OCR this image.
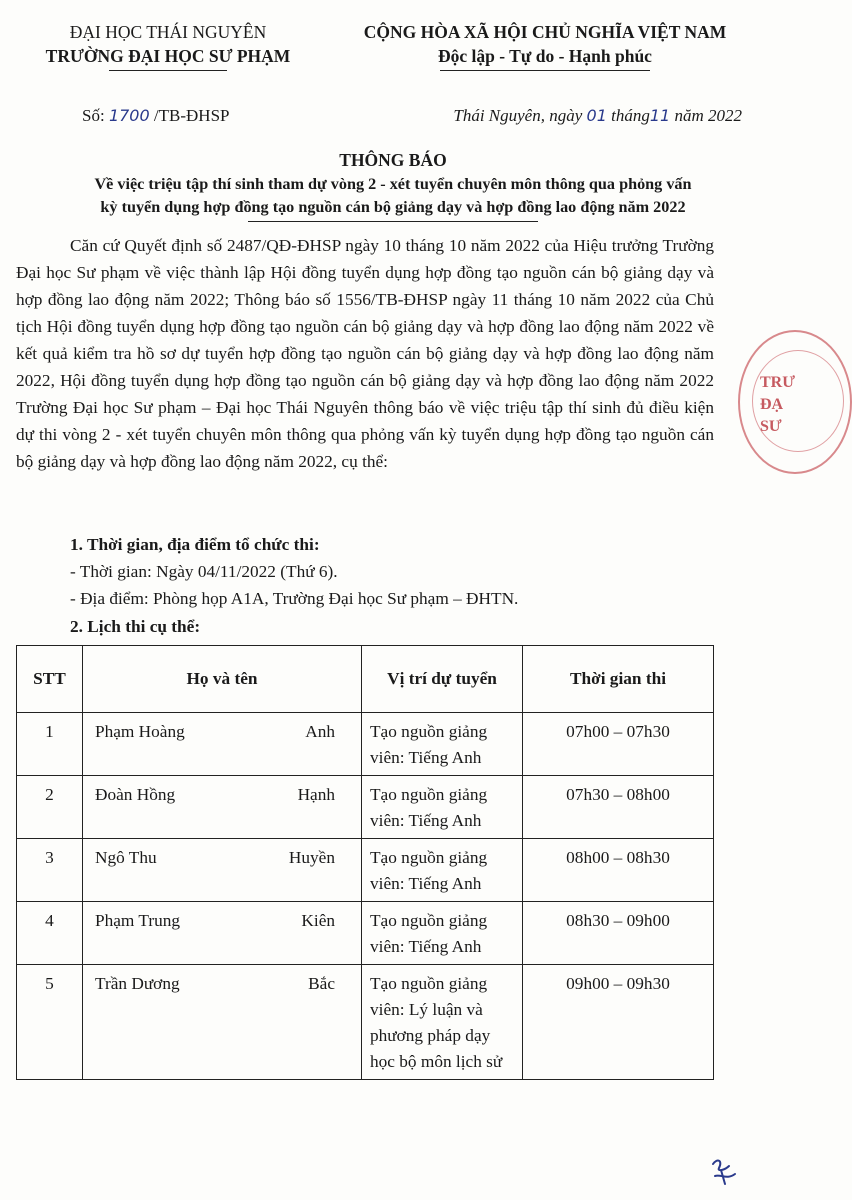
ĐẠI HỌC THÁI NGUYÊN
TRƯỜNG ĐẠI HỌC SƯ PHẠM
CỘNG HÒA XÃ HỘI CHỦ NGHĨA VIỆT NAM
Độc lập - Tự do - Hạnh phúc
Số: 1700 /TB-ĐHSP	Thái Nguyên, ngày 01 tháng11 năm 2022
THÔNG BÁO
Về việc triệu tập thí sinh tham dự vòng 2 - xét tuyển chuyên môn thông qua phỏng vấn
kỳ tuyển dụng hợp đồng tạo nguồn cán bộ giảng dạy và hợp đồng lao động năm 2022
Căn cứ Quyết định số 2487/QĐ-ĐHSP ngày 10 tháng 10 năm 2022 của Hiệu trưởng Trường Đại học Sư phạm về việc thành lập Hội đồng tuyển dụng hợp đồng tạo nguồn cán bộ giảng dạy và hợp đồng lao động năm 2022; Thông báo số 1556/TB-ĐHSP ngày 11 tháng 10 năm 2022 của Chủ tịch Hội đồng tuyển dụng hợp đồng tạo nguồn cán bộ giảng dạy và hợp đồng lao động năm 2022 về kết quả kiểm tra hồ sơ dự tuyển hợp đồng tạo nguồn cán bộ giảng dạy và hợp đồng lao động năm 2022, Hội đồng tuyển dụng hợp đồng tạo nguồn cán bộ giảng dạy và hợp đồng lao động năm 2022 Trường Đại học Sư phạm – Đại học Thái Nguyên thông báo về việc triệu tập thí sinh đủ điều kiện dự thi vòng 2 - xét tuyển chuyên môn thông qua phỏng vấn kỳ tuyển dụng hợp đồng tạo nguồn cán bộ giảng dạy và hợp đồng lao động năm 2022, cụ thể:
1. Thời gian, địa điểm tổ chức thi:
- Thời gian: Ngày 04/11/2022 (Thứ 6).
- Địa điểm: Phòng họp A1A, Trường Đại học Sư phạm – ĐHTN.
2. Lịch thi cụ thể:
STT	Họ và tên	Vị trí dự tuyển	Thời gian thi

1	Phạm Hoàng Anh	Tạo nguồn giảng viên: Tiếng Anh	07h00 – 07h30

2	Đoàn Hồng Hạnh	Tạo nguồn giảng viên: Tiếng Anh	07h30 – 08h00

3	Ngô Thu Huyền	Tạo nguồn giảng viên: Tiếng Anh	08h00 – 08h30

4	Phạm Trung Kiên	Tạo nguồn giảng viên: Tiếng Anh	08h30 – 09h00

5	Trần Dương Bắc	Tạo nguồn giảng viên: Lý luận và phương pháp dạy học bộ môn lịch sử	09h00 – 09h30
TRƯ
ĐẠ
SƯ
